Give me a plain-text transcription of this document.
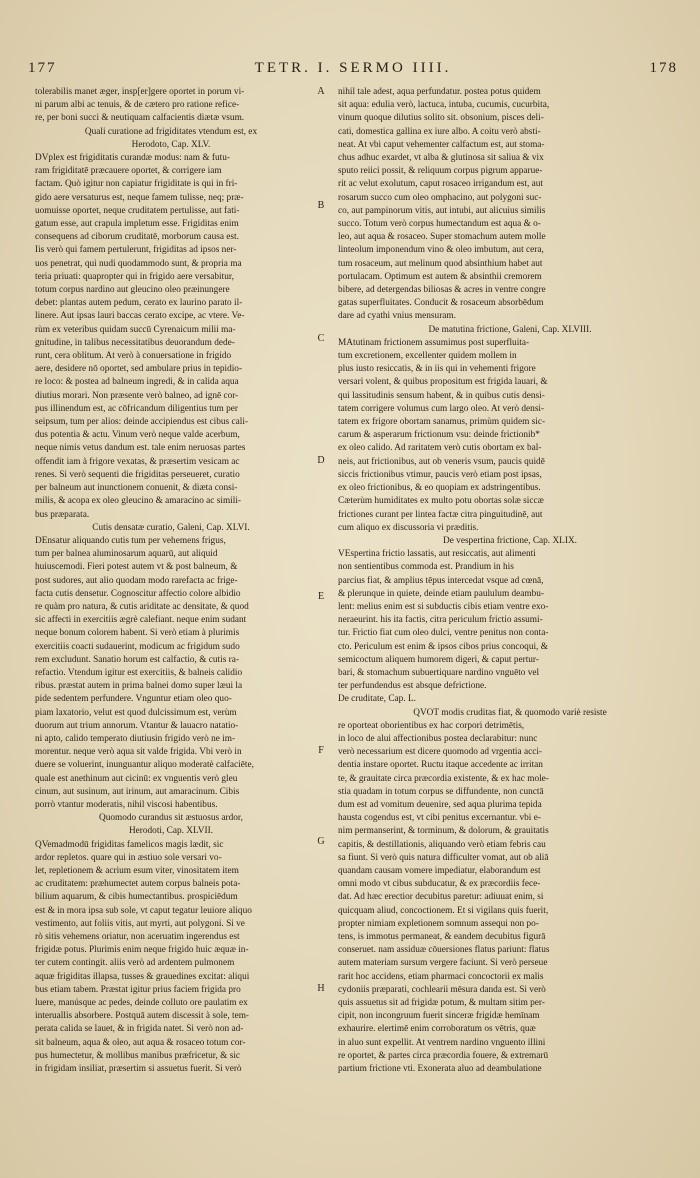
TETR. I. SERMO IIII.
177	178
tolerabilis manet æger, insp[er]gere oportet in porum vi-
ni parum albi ac tenuis, & de cætero pro ratione refice-
re, per boni succi & neutiquam calfacientis diætæ vsum.
Quali curatione ad frigiditates vtendum est, ex
Herodoto, Cap. XLV.
DVplex est frigiditatis curandæ modus: nam & futu-
ram frigiditatē præcauere oportet, & corrigere iam
factam. Quò igitur non capiatur frigiditate is qui in fri-
gido aere versaturus est, neque famem tulisse, neq; præ-
uomuisse oportet, neque cruditatem pertulisse, aut fati-
gatum esse, aut crapula impletum esse. Frigiditas enim
consequens ad ciborum cruditatē, morborum causa est.
Iis verò qui famem pertulerunt, frigiditas ad ipsos ner-
uos penetrat, qui nudi quodammodo sunt, & propria ma
teria priuati: quapropter qui in frigido aere versabitur,
totum corpus nardino aut gleucino oleo præinungere
debet: plantas autem pedum, cerato ex laurino parato il-
linere. Aut ipsas lauri baccas cerato excipe, ac vtere. Ve-
rùm ex veteribus quidam succū Cyrenaicum milii ma-
gnitudine, in talibus necessitatibus deuorandum dede-
runt, cera oblitum. At verò à conuersatione in frigido
aere, desidere nō oportet, sed ambulare prius in tepidio-
re loco: & postea ad balneum ingredi, & in calida aqua
diutius morari. Non præsente verò balneo, ad ignē cor-
pus illinendum est, ac cōfricandum diligentius tum per
seipsum, tum per alios: deinde accipiendus est cibus cali-
dus potentia & actu. Vinum verò neque valde acerbum,
neque nimis vetus dandum est. tale enim neruosas partes
offendit iam à frigore vexatas, & præsertim vesicam ac
renes. Si verò sequenti die frigiditas perseueret, curatio
per balneum aut inunctionem conuenit, & diæta consi-
milis, & acopa ex oleo gleucino & amaracino ac simili-
bus præparata.
Cutis densatæ curatio, Galeni, Cap. XLVI.
DEnsatur aliquando cutis tum per vehemens frigus,
tum per balnea aluminosarum aquarū, aut aliquid
huiuscemodi. Fieri potest autem vt & post balneum, &
post sudores, aut alio quodam modo rarefacta ac frige-
facta cutis densetur. Cognoscitur affectio colore albidio
re quàm pro natura, & cutis ariditate ac densitate, & quod
sic affecti in exercitiis ægrè calefiant. neque enim sudant
neque bonum colorem habent. Si verò etiam à plurimis
exercitiis coacti sudauerint, modicum ac frigidum sudo
rem excludunt. Sanatio horum est calfactio, & cutis ra-
refactio. Vtendum igitur est exercitiis, & balneis calidio
ribus. præstat autem in prima balnei domo super læui la
pide sedentem perfundere. Vnguntur etiam oleo quo-
piam laxatorio, velut est quod dulcissimum est, verùm
duorum aut trium annorum. Vtantur & lauacro natatio-
ni apto, calido temperato diutiusin frigido verò ne im-
morentur. neque verò aqua sit valde frigida. Vbi verò in
duere se voluerint, inunguantur aliquo moderatè calfaciēte,
quale est anethinum aut cicinū: ex vnguentis verò gleu
cinum, aut susinum, aut irinum, aut amaracinum. Cibis
porrò vtantur moderatis, nihil viscosi habentibus.
Quomodo curandus sit æstuosus ardor,
Herodoti, Cap. XLVII.
QVemadmodū frigiditas famelicos magis lædit, sic
ardor repletos. quare qui in æstiuo sole versari vo-
let, repletionem & acrium esum viter, vinositatem item
ac cruditatem: præhumectet autem corpus balneis pota-
bilium aquarum, & cibis humectantibus. prospiciēdum
est & in mora ipsa sub sole, vt caput tegatur leuiore aliquo
vestimento, aut foliis vitis, aut myrti, aut polygoni. Si ve
rò sitis vehemens oriatur, non aceruatim ingerendus est
frigidæ potus. Plurimis enim neque frigido huic æquæ in-
ter cutem contingit. aliis verò ad ardentem pulmonem
aquæ frigiditas illapsa, tusses & grauedines excitat: aliqui
bus etiam tabem. Præstat igitur prius faciem frigida pro
luere, manúsque ac pedes, deinde colluto ore paulatim ex
interuallis absorbere. Postquā autem discessit à sole, tem-
perata calida se lauet, & in frigida natet. Si verò non ad-
sit balneum, aqua & oleo, aut aqua & rosaceo totum cor-
pus humectetur, & mollibus manibus præfricetur, & sic
in frigidam insiliat, præsertim si assuetus fuerit. Si verò
A
B
C
D
E
F
G
H
nihil tale adest, aqua perfundatur. postea potus quidem
sit aqua: edulia verò, lactuca, intuba, cucumis, cucurbita,
vinum quoque dilutius solito sit. obsonium, pisces deli-
cati, domestica gallina ex iure albo. A coitu verò absti-
neat. At vbi caput vehementer calfactum est, aut stoma-
chus adhuc exardet, vt alba & glutinosa sit saliua & vix
sputo reiici possit, & reliquum corpus pigrum apparue-
rit ac velut exolutum, caput rosaceo irrigandum est, aut
rosarum succo cum oleo omphacino, aut polygoni suc-
co, aut pampinorum vitis, aut intubi, aut alicuius similis
succo. Totum verò corpus humectandum est aqua & o-
leo, aut aqua & rosaceo. Super stomachum autem molle
linteolum imponendum vino & oleo imbutum, aut cera,
tum rosaceum, aut melinum quod absinthium habet aut
portulacam. Optimum est autem & absinthii cremorem
bibere, ad detergendas biliosas & acres in ventre congre
gatas superfluitates. Conducit & rosaceum absorbēdum
dare ad cyathi vnius mensuram.
De matutina frictione, Galeni, Cap. XLVIII.
MAtutinam frictionem assumimus post superfluita-
tum excretionem, excellenter quidem mollem in
plus iusto resiccatis, & in iis qui in vehementi frigore
versari volent, & quibus propositum est frigida lauari, &
qui lassitudinis sensum habent, & in quibus cutis densi-
tatem corrigere volumus cum largo oleo. At verò densi-
tatem ex frigore obortam sanamus, primùm quidem sic-
carum & asperarum frictionum vsu: deinde frictionib*
ex oleo calido. Ad raritatem verò cutis obortam ex bal-
neis, aut frictionibus, aut ob veneris vsum, paucis quidē
siccis frictionibus vtimur, paucis verò etiam post ipsas,
ex oleo frictionibus, & eo quopiam ex adstringentibus.
Cæterùm humiditates ex multo potu obortas solæ siccæ
frictiones curant per lintea factæ citra pinguitudinē, aut
cum aliquo ex discussoria vi præditis.
De vespertina frictione, Cap. XLIX.
VEspertina frictio lassatis, aut resiccatis, aut alimenti
non sentientibus commoda est. Prandium in his
parcius fiat, & amplius tēpus intercedat vsque ad cœnā,
& plerunque in quiete, deinde etiam paululum deambu-
lent: melius enim est si subductis cibis etiam ventre exo-
neraeurint. his ita factis, citra periculum frictio assumi-
tur. Frictio fiat cum oleo dulci, ventre penitus non conta-
cto. Periculum est enim & ipsos cibos prius concoqui, &
semicoctum aliquem humorem digeri, & caput pertur-
bari, & stomachum subuertiquare nardino vnguēto vel
ter perfundendus est absque defrictione.
De cruditate, Cap. L.
QVOT modis cruditas fiat, & quomodo variè resiste
re oporteat oborientibus ex hac corpori detrimētis,
in loco de alui affectionibus postea declarabitur: nunc
verò necessarium est dicere quomodo ad vrgentia acci-
dentia instare oportet. Ructu itaque accedente ac irritan
te, & grauitate circa præcordia existente, & ex hac mole-
stia quadam in totum corpus se diffundente, non cunctā
dum est ad vomitum deuenire, sed aqua plurima tepida
hausta cogendus est, vt cibi penitus excernantur. vbi e-
nim permanserint, & torminum, & dolorum, & grauitatis
capitis, & destillationis, aliquando verò etiam febris cau
sa fiunt. Si verò quis natura difficulter vomat, aut ob aliā
quandam causam vomere impediatur, elaborandum est
omni modo vt cibus subducatur, & ex præcordiis fece-
dat. Ad hæc erectior decubitus paretur: adiuuat enim, si
quicquam aliud, concoctionem. Et si vigilans quis fuerit,
propter nimiam expletionem somnum assequi non po-
tens, is immotus permaneat, & eandem decubitus figurā
conseruet. nam assiduæ cōuersiones flatus pariunt: flatus
autem materiam sursum vergere faciunt. Si verò perseue
rarit hoc accidens, etiam pharmaci concoctorii ex malis
cydoniis præparati, cochlearii mēsura danda est. Si verò
quis assuetus sit ad frigidæ potum, & multam sitim per-
cipit, non incongruum fuerit sinceræ frigidæ hemīnam
exhaurire. elertimē enim corroboratum os vētris, quæ
in aluo sunt expellit. At ventrem nardino vnguento illini
re oportet, & partes circa præcordia fouere, & extremarū
partium frictione vti. Exonerata aluo ad deambulatione
